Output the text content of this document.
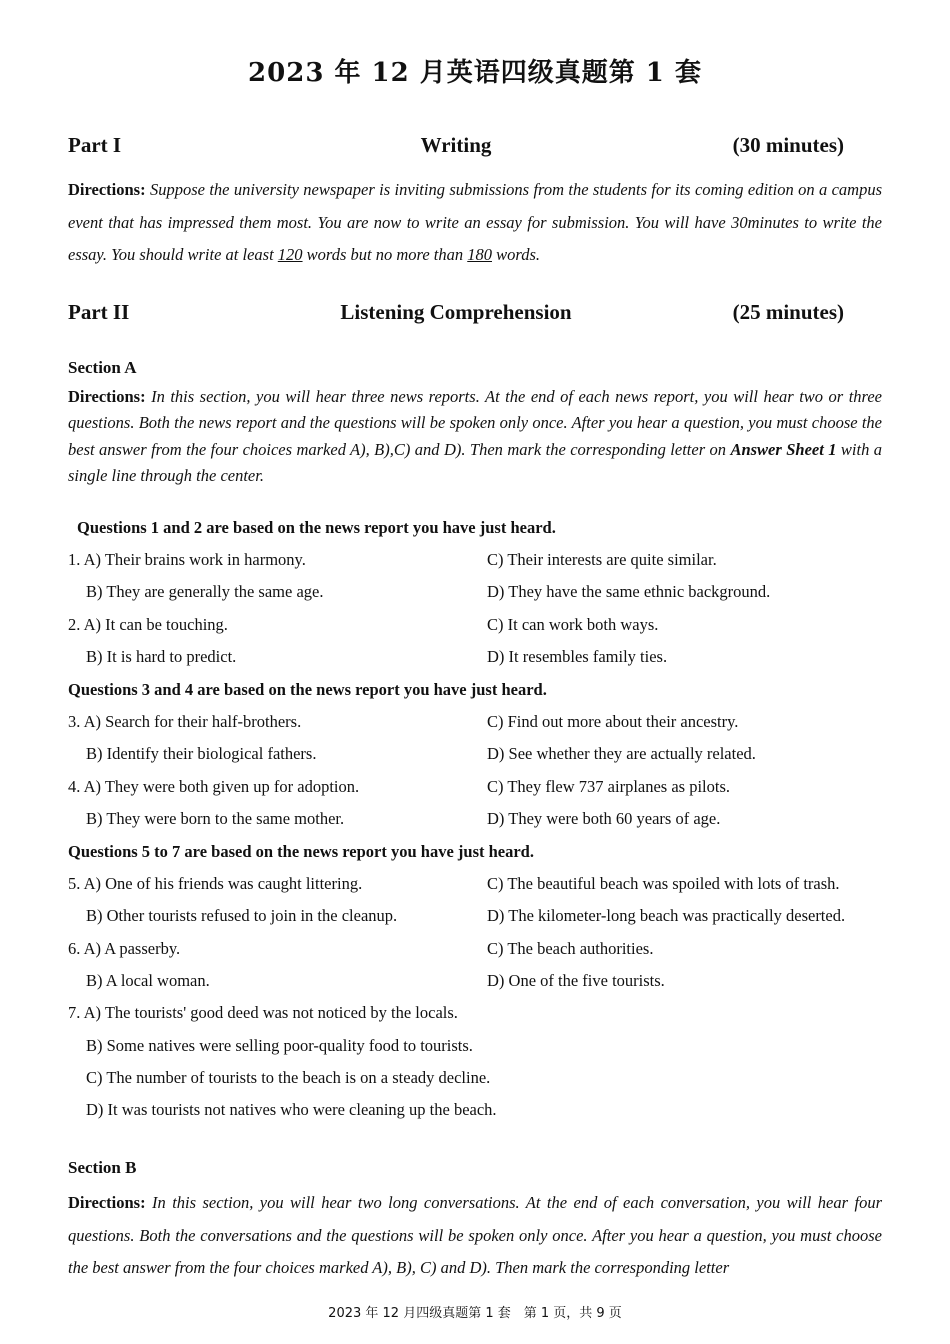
2023 年 12 月英语四级真题第 1 套
Part I	Writing	(30 minutes)
Directions: Suppose the university newspaper is inviting submissions from the students for its coming edition on a campus event that has impressed them most. You are now to write an essay for submission. You will have 30minutes to write the essay. You should write at least 120 words but no more than 180 words.
Part II	Listening Comprehension	(25 minutes)
Section A
Directions: In this section, you will hear three news reports. At the end of each news report, you will hear two or three questions. Both the news report and the questions will be spoken only once. After you hear a question, you must choose the best answer from the four choices marked A), B),C) and D). Then mark the corresponding letter on Answer Sheet 1 with a single line through the center.
Questions 1 and 2 are based on the news report you have just heard.
1. A) Their brains work in harmony.	C) Their interests are quite similar.
B) They are generally the same age.	D) They have the same ethnic background.
2. A) It can be touching.	C) It can work both ways.
B) It is hard to predict.	D) It resembles family ties.
Questions 3 and 4 are based on the news report you have just heard.
3. A) Search for their half-brothers.	C) Find out more about their ancestry.
B) Identify their biological fathers.	D) See whether they are actually related.
4. A) They were both given up for adoption.	C) They flew 737 airplanes as pilots.
B) They were born to the same mother.	D) They were both 60 years of age.
Questions 5 to 7 are based on the news report you have just heard.
5. A) One of his friends was caught littering.	C) The beautiful beach was spoiled with lots of trash.
B) Other tourists refused to join in the cleanup.	D) The kilometer-long beach was practically deserted.
6. A) A passerby.	C) The beach authorities.
B) A local woman.	D) One of the five tourists.
7. A) The tourists' good deed was not noticed by the locals.
B) Some natives were selling poor-quality food to tourists.
C) The number of tourists to the beach is on a steady decline.
D) It was tourists not natives who were cleaning up the beach.
Section B
Directions: In this section, you will hear two long conversations. At the end of each conversation, you will hear four questions. Both the conversations and the questions will be spoken only once. After you hear a question, you must choose the best answer from the four choices marked A), B), C) and D). Then mark the corresponding letter
2023 年 12 月四级真题第 1 套　第 1 页，共 9 页
